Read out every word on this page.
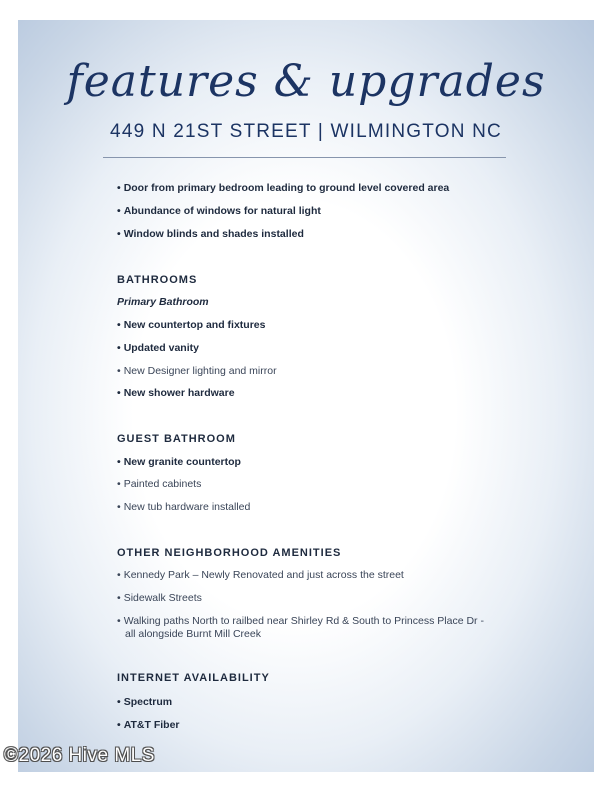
features & upgrades
449 N 21ST STREET | WILMINGTON NC
• Door from primary bedroom leading to ground level covered area
• Abundance of windows for natural light
• Window blinds and shades installed
BATHROOMS
Primary Bathroom
• New countertop and fixtures
• Updated vanity
• New Designer lighting and mirror
• New shower hardware
GUEST BATHROOM
• New granite countertop
• Painted cabinets
• New tub hardware installed
OTHER NEIGHBORHOOD AMENITIES
• Kennedy Park – Newly Renovated and just across the street
• Sidewalk Streets
• Walking paths North to railbed near Shirley Rd & South to Princess Place Dr -
all alongside Burnt Mill Creek
INTERNET AVAILABILITY
• Spectrum
• AT&T Fiber
©2026 Hive MLS
